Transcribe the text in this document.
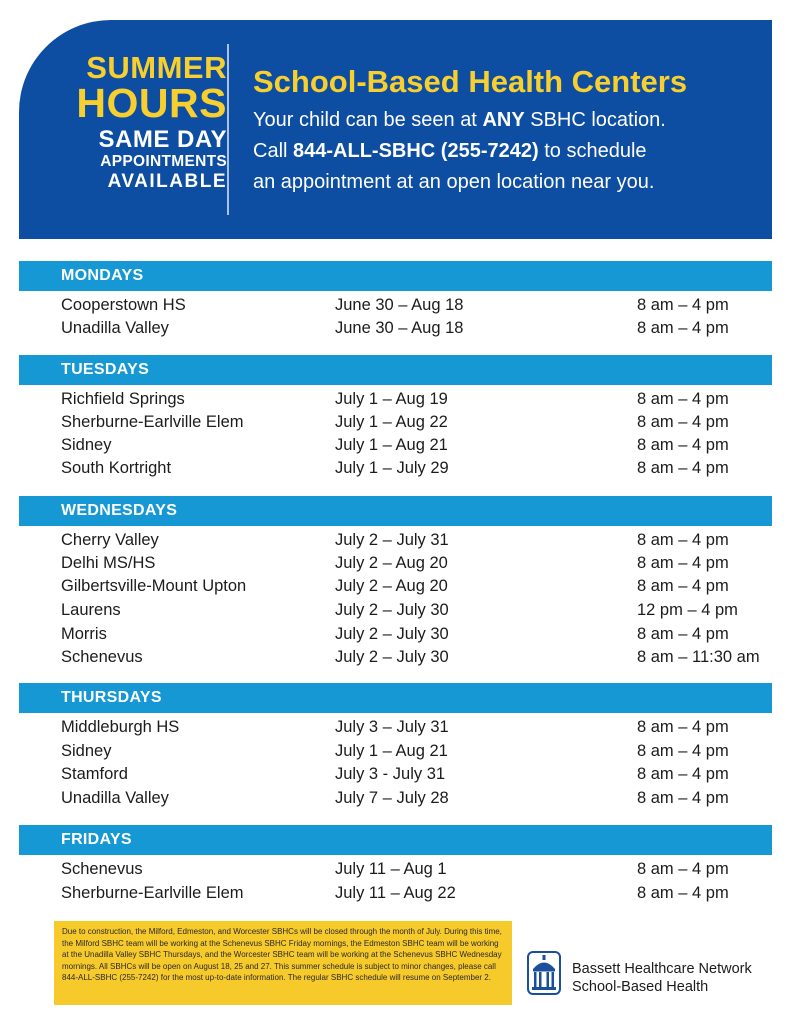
SUMMER
HOURS
SAME DAY
APPOINTMENTS
AVAILABLE
School-Based Health Centers
Your child can be seen at ANY SBHC location.
Call 844-ALL-SBHC (255-7242) to schedule
an appointment at an open location near you.
MONDAYS
Cooperstown HS	June 30 – Aug 18	8 am – 4 pm
Unadilla Valley	June 30 – Aug 18	8 am – 4 pm
TUESDAYS
Richfield Springs	July 1 – Aug 19	8 am – 4 pm
Sherburne-Earlville Elem	July 1 – Aug 22	8 am – 4 pm
Sidney	July 1 – Aug 21	8 am – 4 pm
South Kortright	July 1 – July 29	8 am – 4 pm
WEDNESDAYS
Cherry Valley	July 2 – July 31	8 am – 4 pm
Delhi MS/HS	July 2 – Aug 20	8 am – 4 pm
Gilbertsville-Mount Upton	July 2 – Aug 20	8 am – 4 pm
Laurens	July 2 – July 30	12 pm – 4 pm
Morris	July 2 – July 30	8 am – 4 pm
Schenevus	July 2 – July 30	8 am – 11:30 am
THURSDAYS
Middleburgh HS	July 3 – July 31	8 am – 4 pm
Sidney	July 1 – Aug 21	8 am – 4 pm
Stamford	July 3 - July 31	8 am – 4 pm
Unadilla Valley	July 7 – July 28	8 am – 4 pm
FRIDAYS
Schenevus	July 11 – Aug 1	8 am – 4 pm
Sherburne-Earlville Elem	July 11 – Aug 22	8 am – 4 pm
Due to construction, the Milford, Edmeston, and Worcester SBHCs will be closed through the month of July. During this time, the Milford SBHC team will be working at the Schenevus SBHC Friday mornings, the Edmeston SBHC team will be working at the Unadilla Valley SBHC Thursdays, and the Worcester SBHC team will be working at the Schenevus SBHC Wednesday mornings. All SBHCs will be open on August 18, 25 and 27. This summer schedule is subject to minor changes, please call 844-ALL-SBHC (255-7242) for the most up-to-date information. The regular SBHC schedule will resume on September 2.
Bassett Healthcare Network
School-Based Health
